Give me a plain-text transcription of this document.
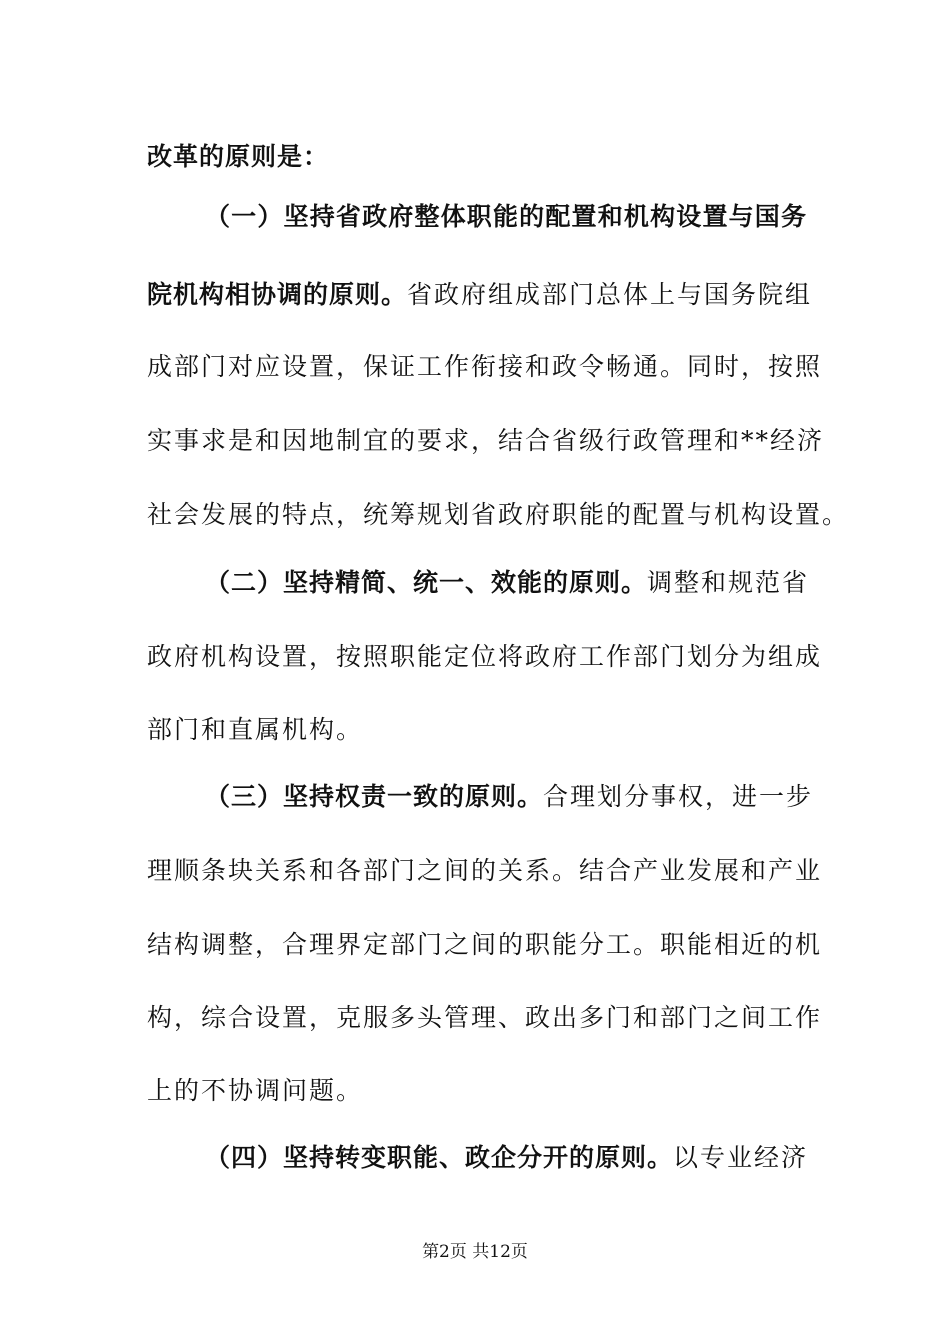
改革的原则是：
（一）坚持省政府整体职能的配置和机构设置与国务
院机构相协调的原则。省政府组成部门总体上与国务院组
成部门对应设置，保证工作衔接和政令畅通。同时，按照
实事求是和因地制宜的要求，结合省级行政管理和**经济
社会发展的特点，统筹规划省政府职能的配置与机构设置。
（二）坚持精简、统一、效能的原则。调整和规范省
政府机构设置，按照职能定位将政府工作部门划分为组成
部门和直属机构。
（三）坚持权责一致的原则。合理划分事权，进一步
理顺条块关系和各部门之间的关系。结合产业发展和产业
结构调整，合理界定部门之间的职能分工。职能相近的机
构，综合设置，克服多头管理、政出多门和部门之间工作
上的不协调问题。
（四）坚持转变职能、政企分开的原则。以专业经济
第2页 共12页
